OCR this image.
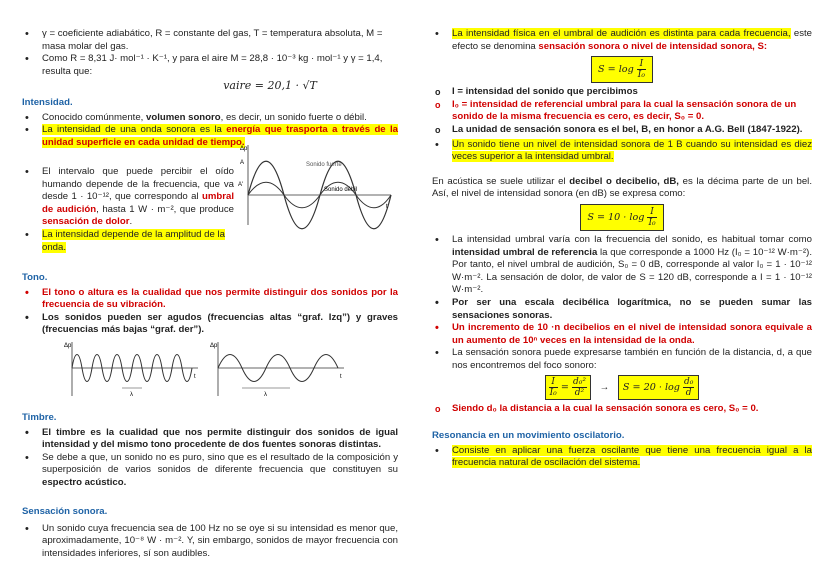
• γ = coeficiente adiabático, R = constante del gas, T = temperatura absoluta, M = masa molar del gas.

• Como R = 8,31 J· mol⁻¹ · K⁻¹, y para el aire M = 28,8 · 10⁻³ kg · mol⁻¹ y γ = 1,4, resulta que:

vaire = 20,1 · √T

Intensidad.

• Conocido comúnmente, volumen sonoro, es decir, un sonido fuerte o débil.

• La intensidad de una onda sonora es la energía que trasporta a través de la unidad superficie en cada unidad de tiempo.

• El intervalo que puede percibir el oído humando depende de la frecuencia, que va desde 1 · 10⁻¹², que correspondo al umbral de audición, hasta 1 W · m⁻², que produce sensación de dolor.

• La intensidad depende de la amplitud de la onda.

Δp
A
A'
Sonido fuerte
Sonido débil
t

Tono.

• El tono o altura es la cualidad que nos permite distinguir dos sonidos por la frecuencia de su vibración.

• Los sonidos pueden ser agudos (frecuencias altas “graf. Izq”) y graves (frecuencias más bajas “graf. der”).

Δp
t
λ
Δp
t
λ

Timbre.

• El timbre es la cualidad que nos permite distinguir dos sonidos de igual intensidad y del mismo tono procedente de dos fuentes sonoras distintas.

• Se debe a que, un sonido no es puro, sino que es el resultado de la composición y superposición de varios sonidos de diferente frecuencia que constituyen su espectro acústico.

Sensación sonora.

• Un sonido cuya frecuencia sea de 100 Hz no se oye si su intensidad es menor que, aproximadamente, 10⁻⁸ W · m⁻². Y, sin embargo, sonidos de mayor frecuencia con intensidades inferiores, sí son audibles.

• La intensidad física en el umbral de audición es distinta para cada frecuencia, este efecto se denomina sensación sonora o nivel de intensidad sonora, S:

$S = \log \frac{I}{\text{I₀}}$

o I = intensidad del sonido que percibimos

o I₀ = intensidad de referencial umbral para la cual la sensación sonora de un sonido de la misma frecuencia es cero, es decir, S₀ = 0.

o La unidad de sensación sonora es el bel, B, en honor a A.G. Bell (1847-1922).

• Un sonido tiene un nivel de intensidad sonora de 1 B cuando su intensidad es diez veces superior a la intensidad umbral.

En acústica se suele utilizar el decibel o decibelio, dB, es la décima parte de un bel. Así, el nivel de intensidad sonora (en dB) se expresa como:

$S = 10 \cdot \log \frac{I}{\text{I₀}}$

• La intensidad umbral varía con la frecuencia del sonido, es habitual tomar como intensidad umbral de referencia la que corresponde a 1000 Hz (I₀ = 10⁻¹² W·m⁻²). Por tanto, el nivel umbral de audición, S₀ = 0 dB, corresponde al valor I₀ = 1 · 10⁻¹² W·m⁻². La sensación de dolor, de valor de S = 120 dB, corresponde a I = 1 · 10⁻¹² W·m⁻².

• Por ser una escala decibélica logarítmica, no se pueden sumar las sensaciones sonoras.

• Un incremento de 10 ·n decibelios en el nivel de intensidad sonora equivale a un aumento de 10ⁿ veces en la intensidad de la onda.

• La sensación sonora puede expresarse también en función de la distancia, d, a que nos encontremos del foco sonoro:

$\frac{I}{\text{I₀}} = \frac{\text{d₀²}}{\text{d²}} \to S = 20 \cdot \log \frac{\text{d₀}}{d}$

o Siendo d₀ la distancia a la cual la sensación sonora es cero, S₀ = 0.

Resonancia en un movimiento oscilatorio.

• Consiste en aplicar una fuerza oscilante que tiene una frecuencia igual a la frecuencia natural de oscilación del sistema.
